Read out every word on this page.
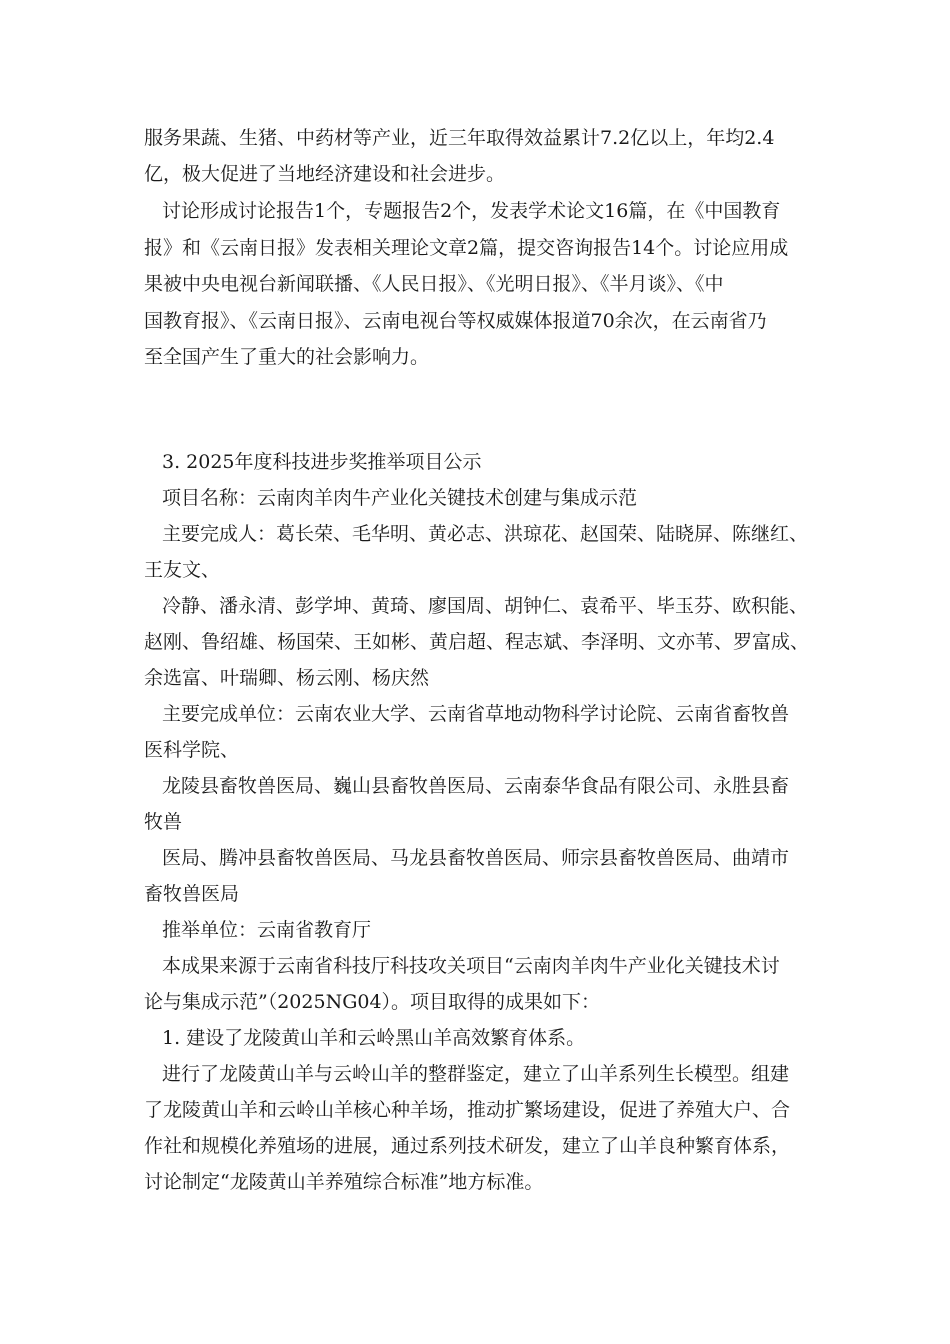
服务果蔬、生猪、中药材等产业，近三年取得效益累计7.2亿以上，年均2.4
亿，极大促进了当地经济建设和社会进步。
讨论形成讨论报告1个，专题报告2个，发表学术论文16篇，在《中国教育
报》和《云南日报》发表相关理论文章2篇，提交咨询报告14个。讨论应用成
果被中央电视台新闻联播、《人民日报》、《光明日报》、《半月谈》、《中
国教育报》、《云南日报》、云南电视台等权威媒体报道70余次，在云南省乃
至全国产生了重大的社会影响力。
3. 2025年度科技进步奖推举项目公示
项目名称：云南肉羊肉牛产业化关键技术创建与集成示范
主要完成人：葛长荣、毛华明、黄必志、洪琼花、赵国荣、陆晓屏、陈继红、
王友文、
冷静、潘永清、彭学坤、黄琦、廖国周、胡钟仁、袁希平、毕玉芬、欧积能、
赵刚、鲁绍雄、杨国荣、王如彬、黄启超、程志斌、李泽明、文亦苇、罗富成、
余选富、叶瑞卿、杨云刚、杨庆然
主要完成单位：云南农业大学、云南省草地动物科学讨论院、云南省畜牧兽
医科学院、
龙陵县畜牧兽医局、巍山县畜牧兽医局、云南泰华食品有限公司、永胜县畜
牧兽
医局、腾冲县畜牧兽医局、马龙县畜牧兽医局、师宗县畜牧兽医局、曲靖市
畜牧兽医局
推举单位：云南省教育厅
本成果来源于云南省科技厅科技攻关项目“云南肉羊肉牛产业化关键技术讨
论与集成示范”（2025NG04）。项目取得的成果如下：
1. 建设了龙陵黄山羊和云岭黑山羊高效繁育体系。
进行了龙陵黄山羊与云岭山羊的整群鉴定，建立了山羊系列生长模型。组建
了龙陵黄山羊和云岭山羊核心种羊场，推动扩繁场建设，促进了养殖大户、合
作社和规模化养殖场的进展，通过系列技术研发，建立了山羊良种繁育体系，
讨论制定“龙陵黄山羊养殖综合标准”地方标准。
